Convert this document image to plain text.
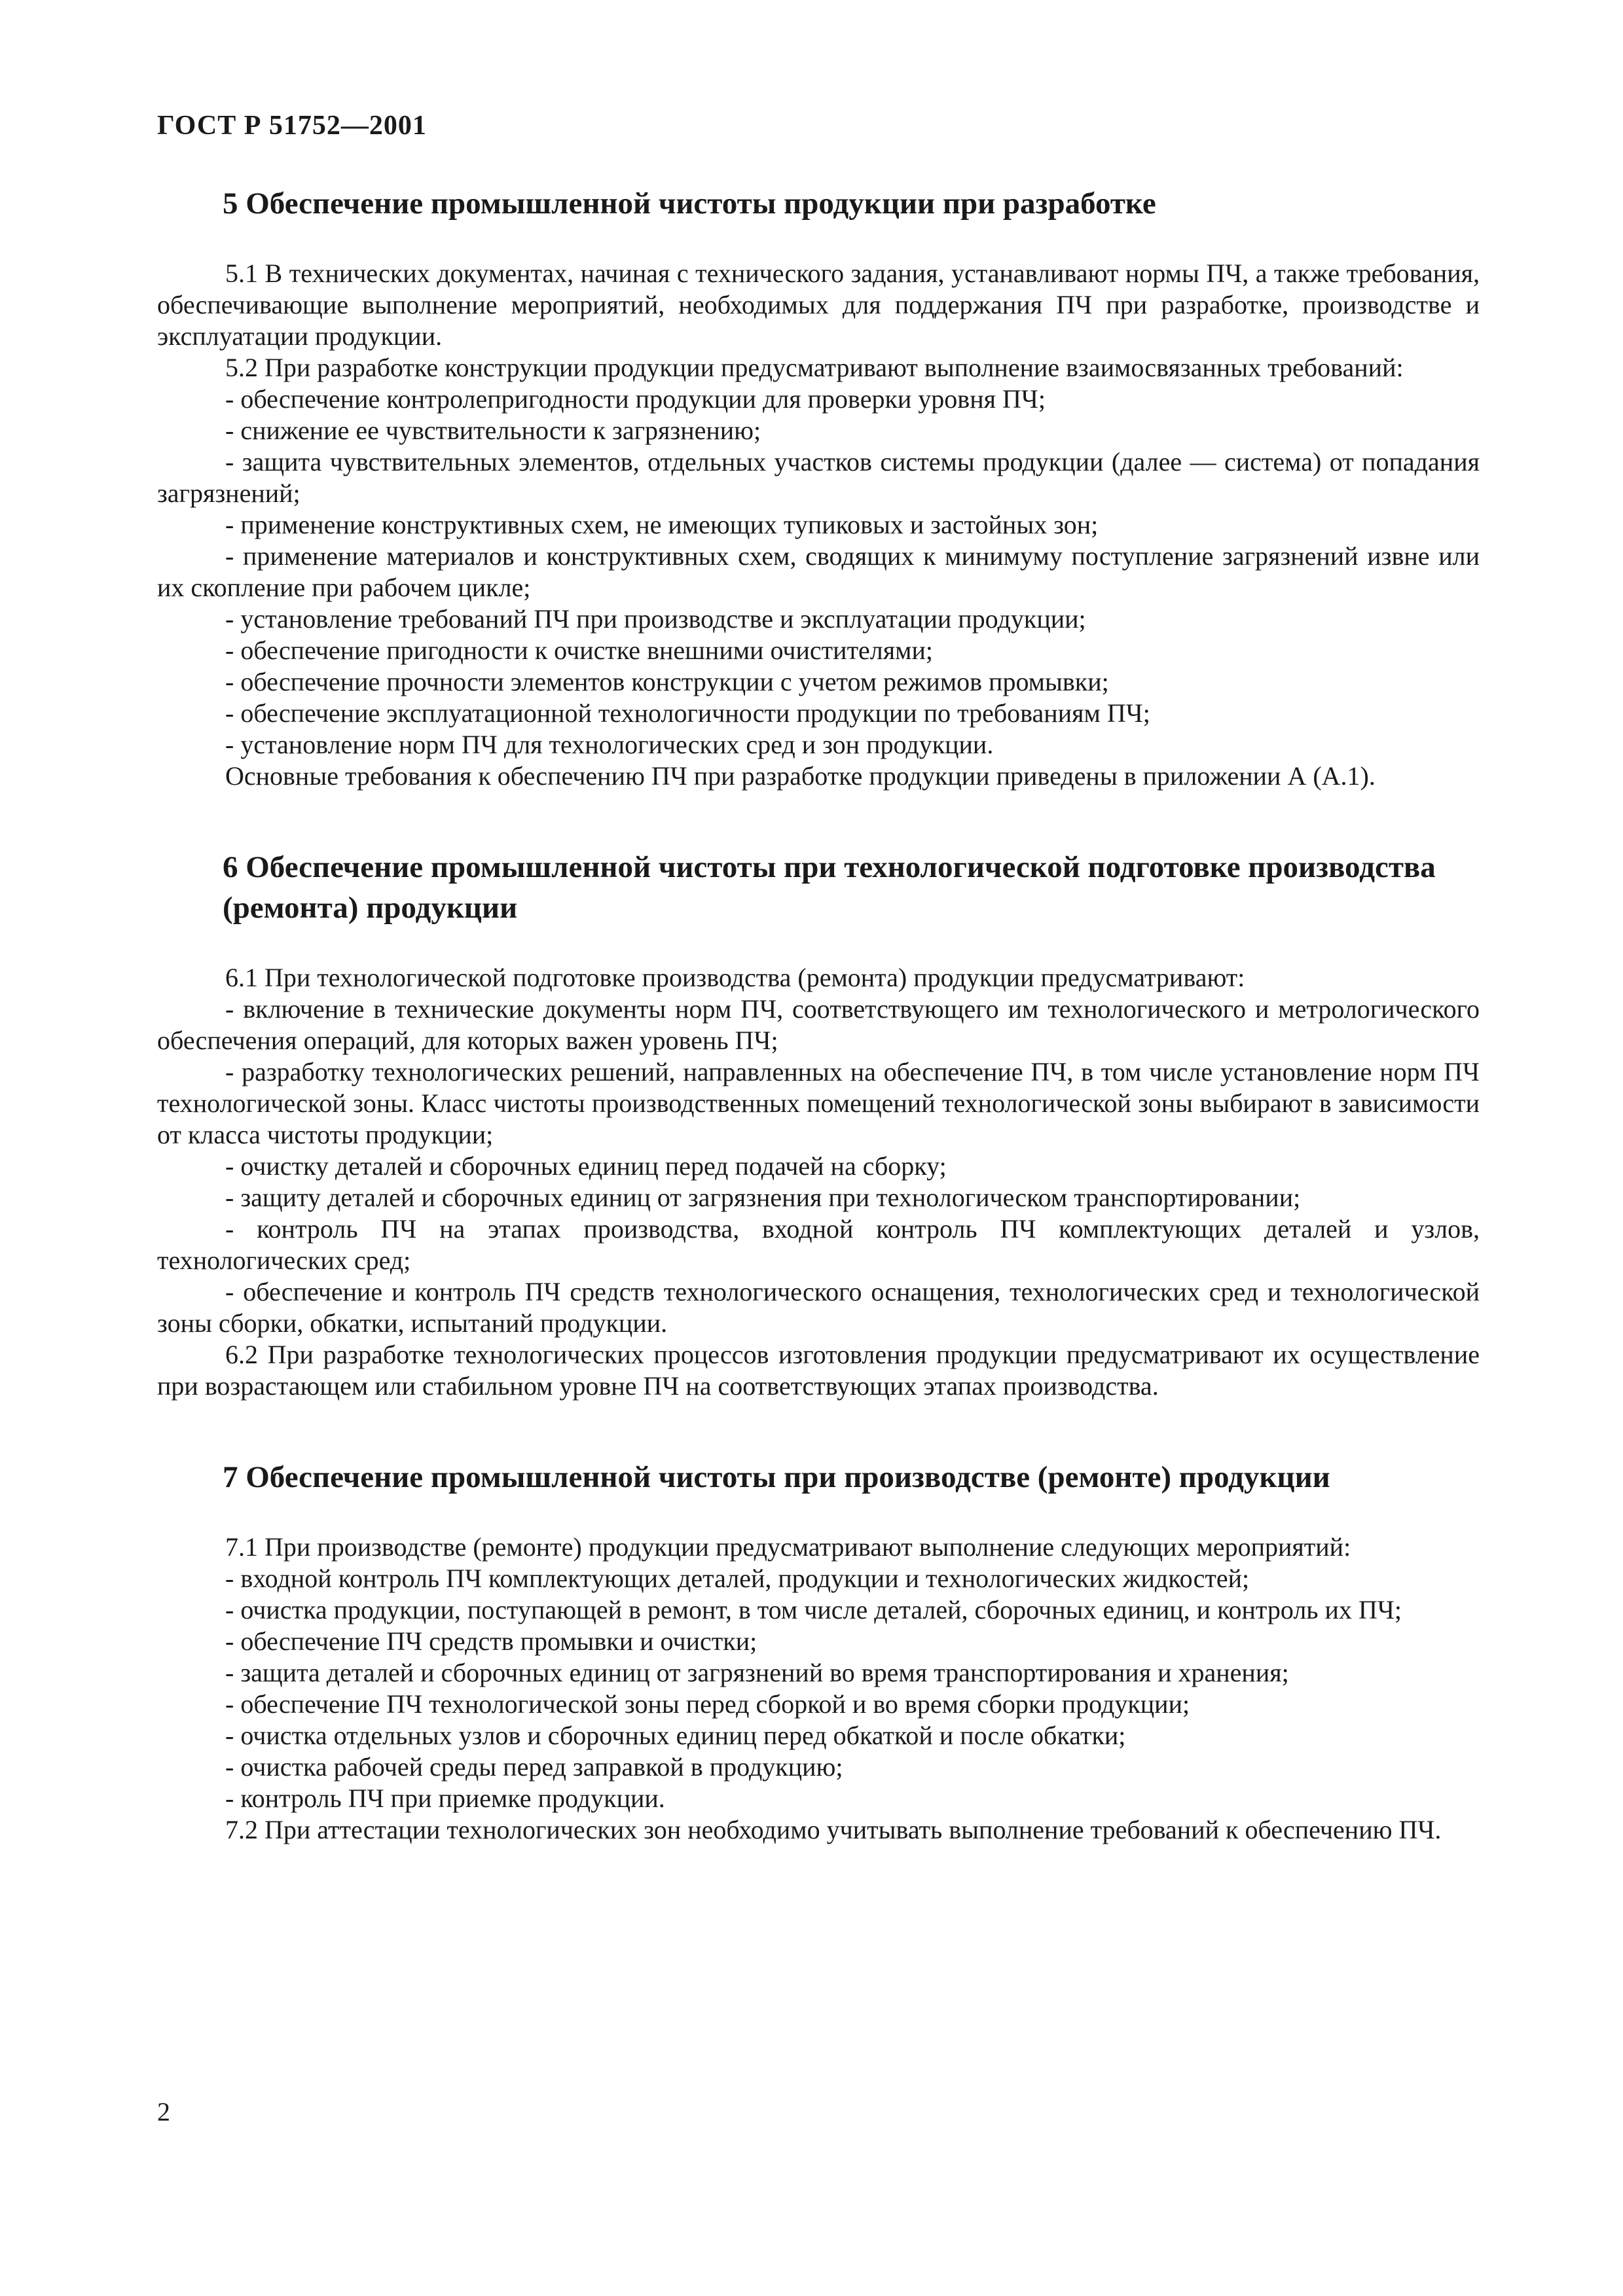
ГОСТ Р 51752—2001
5 Обеспечение промышленной чистоты продукции при разработке

5.1 В технических документах, начиная с технического задания, устанавливают нормы ПЧ, а также требования, обеспечивающие выполнение мероприятий, необходимых для поддержания ПЧ при разработке, производстве и эксплуатации продукции.

5.2 При разработке конструкции продукции предусматривают выполнение взаимосвязанных требований:

- обеспечение контролепригодности продукции для проверки уровня ПЧ;

- снижение ее чувствительности к загрязнению;

- защита чувствительных элементов, отдельных участков системы продукции (далее — система) от попадания загрязнений;

- применение конструктивных схем, не имеющих тупиковых и застойных зон;

- применение материалов и конструктивных схем, сводящих к минимуму поступление загрязнений извне или их скопление при рабочем цикле;

- установление требований ПЧ при производстве и эксплуатации продукции;

- обеспечение пригодности к очистке внешними очистителями;

- обеспечение прочности элементов конструкции с учетом режимов промывки;

- обеспечение эксплуатационной технологичности продукции по требованиям ПЧ;

- установление норм ПЧ для технологических сред и зон продукции.

Основные требования к обеспечению ПЧ при разработке продукции приведены в приложении А (А.1).

6 Обеспечение промышленной чистоты при технологической подготовке производства (ремонта) продукции

6.1 При технологической подготовке производства (ремонта) продукции предусматривают:

- включение в технические документы норм ПЧ, соответствующего им технологического и метрологического обеспечения операций, для которых важен уровень ПЧ;

- разработку технологических решений, направленных на обеспечение ПЧ, в том числе установление норм ПЧ технологической зоны. Класс чистоты производственных помещений технологической зоны выбирают в зависимости от класса чистоты продукции;

- очистку деталей и сборочных единиц перед подачей на сборку;

- защиту деталей и сборочных единиц от загрязнения при технологическом транспортировании;

- контроль ПЧ на этапах производства, входной контроль ПЧ комплектующих деталей и узлов, технологических сред;

- обеспечение и контроль ПЧ средств технологического оснащения, технологических сред и технологической зоны сборки, обкатки, испытаний продукции.

6.2 При разработке технологических процессов изготовления продукции предусматривают их осуществление при возрастающем или стабильном уровне ПЧ на соответствующих этапах производства.

7 Обеспечение промышленной чистоты при производстве (ремонте) продукции

7.1 При производстве (ремонте) продукции предусматривают выполнение следующих мероприятий:

- входной контроль ПЧ комплектующих деталей, продукции и технологических жидкостей;

- очистка продукции, поступающей в ремонт, в том числе деталей, сборочных единиц, и контроль их ПЧ;

- обеспечение ПЧ средств промывки и очистки;

- защита деталей и сборочных единиц от загрязнений во время транспортирования и хранения;

- обеспечение ПЧ технологической зоны перед сборкой и во время сборки продукции;

- очистка отдельных узлов и сборочных единиц перед обкаткой и после обкатки;

- очистка рабочей среды перед заправкой в продукцию;

- контроль ПЧ при приемке продукции.

7.2 При аттестации технологических зон необходимо учитывать выполнение требований к обеспечению ПЧ.

2
